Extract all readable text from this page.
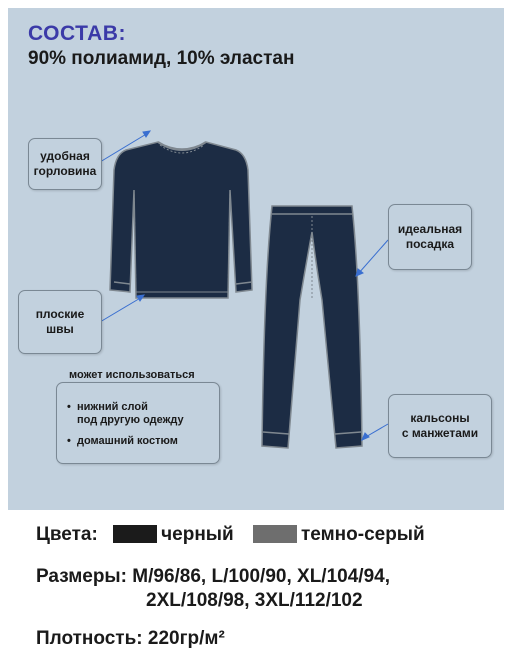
СОСТАВ:
90% полиамид, 10% эластан
удобная
горловина
плоские
швы
идеальная
посадка
кальсоны
с манжетами
• нижний слой
под другую одежду
• домашний костюм
может использоваться
Цвета:	черный	темно-серый
Размеры: M/96/86, L/100/90, XL/104/94,
2XL/108/98, 3XL/112/102
Плотность: 220гр/м²
